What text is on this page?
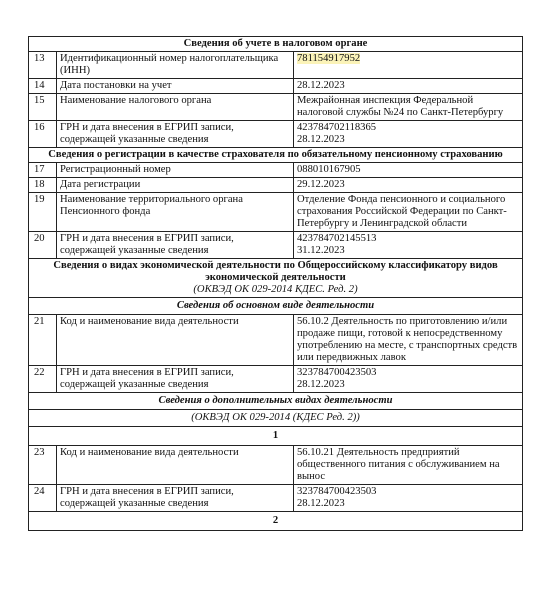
Сведения об учете в налоговом органе		
13	Идентификационный номер налогоплательщика (ИНН)	781154917952
14	Дата постановки на учет	28.12.2023
15	Наименование налогового органа	Межрайонная инспекция Федеральной налоговой службы №24 по Санкт-Петербургу
16	ГРН и дата внесения в ЕГРИП записи, содержащей указанные сведения	423784702118365
28.12.2023

Сведения о регистрации в качестве страхователя по обязательному пенсионному страхованию		
17	Регистрационный номер	088010167905
18	Дата регистрации	29.12.2023
19	Наименование территориального органа Пенсионного фонда	Отделение Фонда пенсионного и социального страхования Российской Федерации по Санкт-Петербургу и Ленинградской области
20	ГРН и дата внесения в ЕГРИП записи, содержащей указанные сведения	423784702145513
31.12.2023

Сведения о видах экономической деятельности по Общероссийскому классификатору видов экономической деятельности
(ОКВЭД ОК 029-2014 КДЕС. Ред. 2)		

Сведения об основном виде деятельности		
21	Код и наименование вида деятельности	56.10.2 Деятельность по приготовлению и/или продаже пищи, готовой к непосредственному употреблению на месте, с транспортных средств или передвижных лавок
22	ГРН и дата внесения в ЕГРИП записи, содержащей указанные сведения	323784700423503
28.12.2023

Сведения о дополнительных видах деятельности		
(ОКВЭД ОК 029-2014 (КДЕС Ред. 2))		
1		
23	Код и наименование вида деятельности	56.10.21 Деятельность предприятий общественного питания с обслуживанием на вынос
24	ГРН и дата внесения в ЕГРИП записи, содержащей указанные сведения	323784700423503
28.12.2023

2		
